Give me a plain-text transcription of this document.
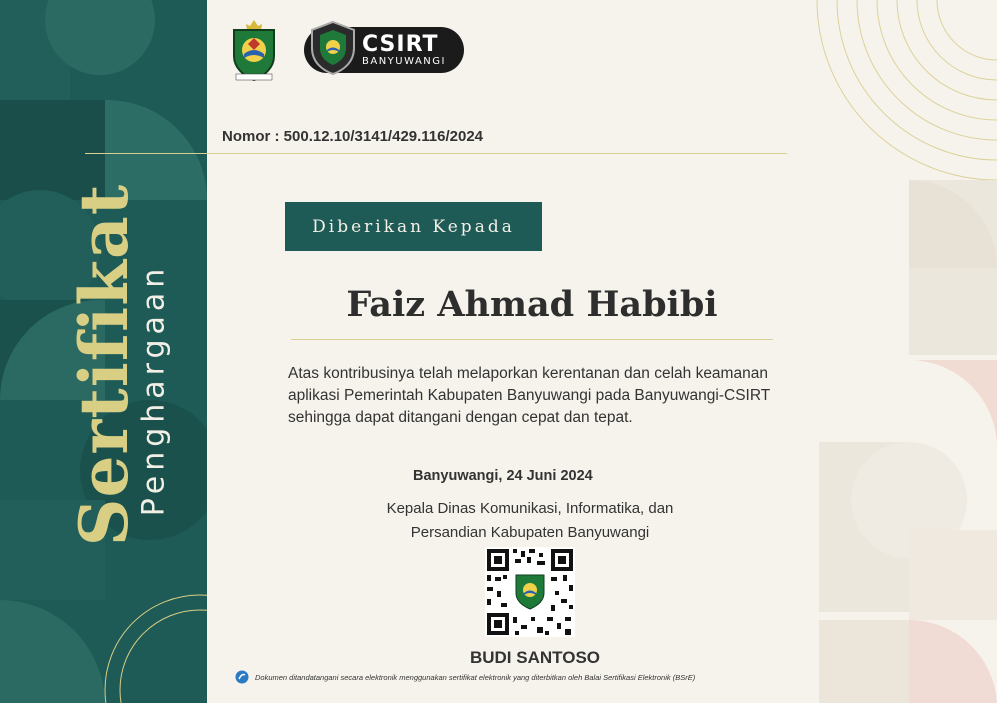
Sertifikat
Penghargaan
CSIRT
BANYUWANGI
Nomor : 500.12.10/3141/429.116/2024
Diberikan Kepada
Faiz Ahmad Habibi
Atas kontribusinya telah melaporkan kerentanan dan celah keamanan
aplikasi Pemerintah Kabupaten Banyuwangi pada Banyuwangi-CSIRT
sehingga dapat ditangani dengan cepat dan tepat.
Banyuwangi, 24 Juni 2024
Kepala Dinas Komunikasi, Informatika, dan
Persandian Kabupaten Banyuwangi
BUDI SANTOSO
Dokumen ditandatangani secara elektronik menggunakan sertifikat elektronik yang diterbitkan oleh Balai Sertifikasi Elektronik (BSrE)
